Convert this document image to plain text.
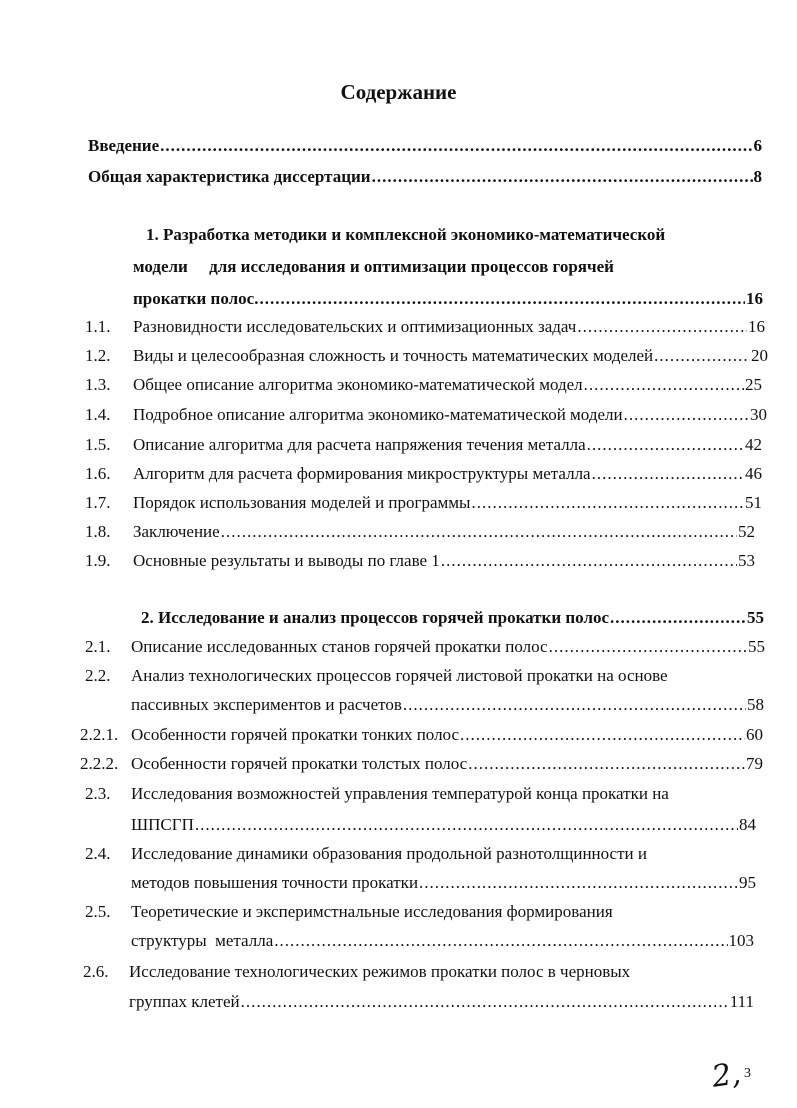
Содержание
Введение .....	6
Общая характеристика диссертации .....	8
1. Разработка методики и комплексной экономико-математической
модели     для исследования и оптимизации процессов горячей
прокатки полос. .....	16
1.1.	Разновидности исследовательских и оптимизационных задач .....	16
1.2.	Виды и целесообразная сложность и точность математических моделей .....	20
1.3.	Общее описание алгоритма экономико-математической модел .....	25
1.4.	Подробное описание алгоритма экономико-математической модели .....	30
1.5.	Описание алгоритма для расчета напряжения течения металла .....	42
1.6.	Алгоритм для расчета формирования микроструктуры металла .....	46
1.7.	Порядок использования моделей и программы .....	51
1.8.	Заключение .....	52
1.9.	Основные результаты и выводы по главе 1 .....	53
2. Исследование и анализ процессов горячей прокатки полос .....	55
2.1.	Описание исследованных станов горячей прокатки полос .....	55
2.2. Анализ технологических процессов горячей листовой прокатки на основе
пассивных экспериментов и расчетов .....	58
2.2.1. Особенности горячей прокатки тонких полос .....	60
2.2.2. Особенности горячей прокатки толстых полос .....	79
2.3. Исследования возможностей управления температурой конца прокатки на
ШПСГП .....	84
2.4. Исследование динамики образования продольной разнотолщинности и
методов повышения точности прокатки .....	95
2.5. Теоретические и эксперимстнальные исследования формирования
структуры  металла .....	103
2.6. Исследование технологических режимов прокатки полос в черновых
группах клетей .....	111
2, 3
